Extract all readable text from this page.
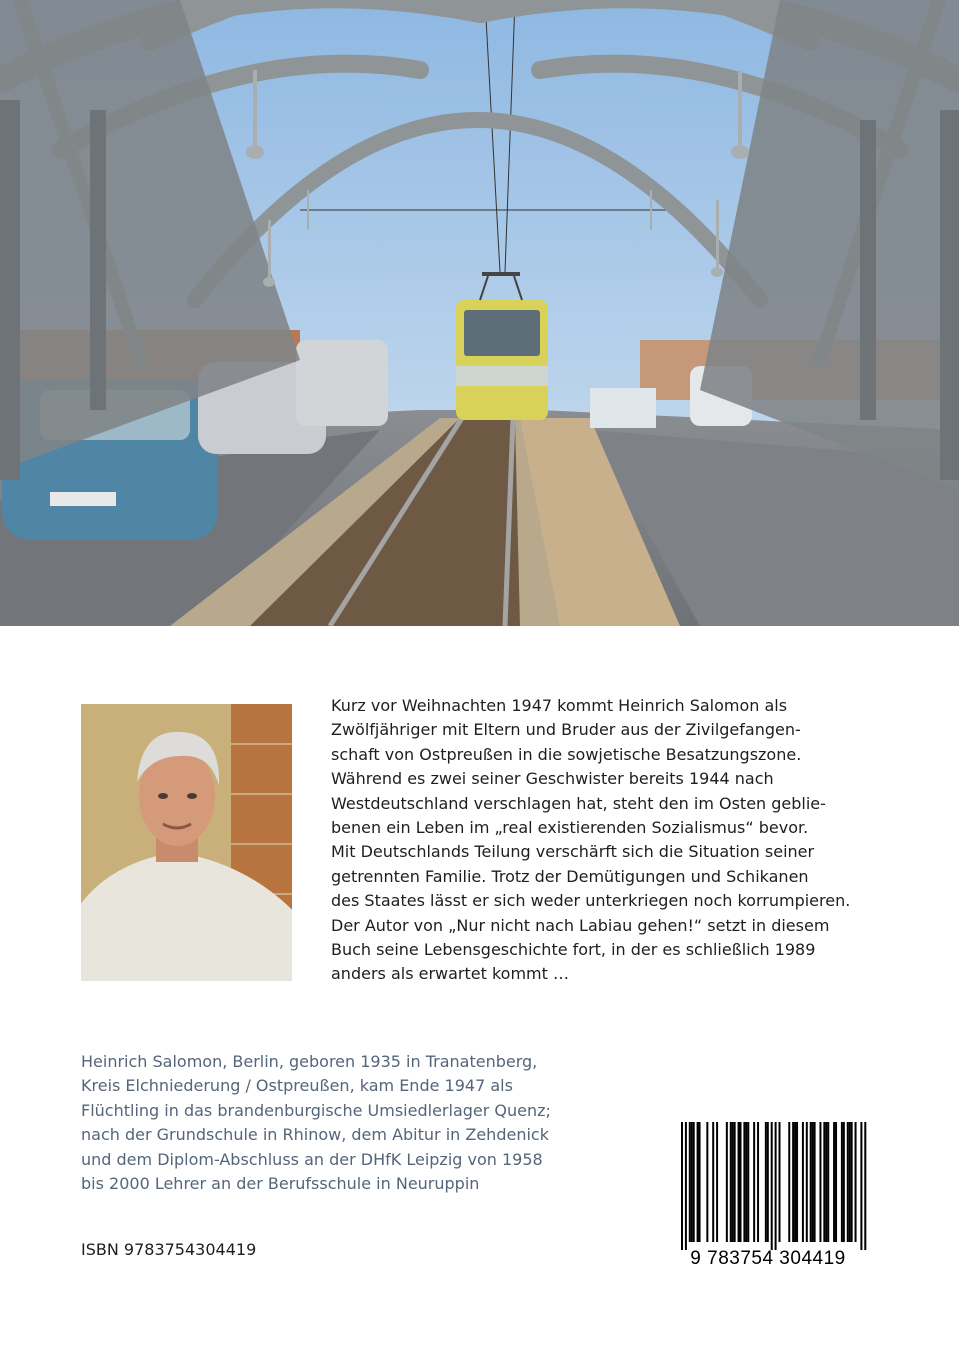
Kurz vor Weihnachten 1947 kommt Heinrich Salomon als
Zwölfjähriger mit Eltern und Bruder aus der Zivilgefangen-
schaft von Ostpreußen in die sowjetische Besatzungszone.
Während es zwei seiner Geschwister bereits 1944 nach
Westdeutschland verschlagen hat, steht den im Osten geblie-
benen ein Leben im „real existierenden Sozialismus“ bevor.
Mit Deutschlands Teilung verschärft sich die Situation seiner
getrennten Familie. Trotz der Demütigungen und Schikanen
des Staates lässt er sich weder unterkriegen noch korrumpieren.
Der Autor von „Nur nicht nach Labiau gehen!“ setzt in diesem
Buch seine Lebensgeschichte fort, in der es schließlich 1989
anders als erwartet kommt …

Heinrich Salomon, Berlin, geboren 1935 in Tranatenberg,
Kreis Elchniederung / Ostpreußen, kam Ende 1947 als
Flüchtling in das brandenburgische Umsiedlerlager Quenz;
nach der Grundschule in Rhinow, dem Abitur in Zehdenick
und dem Diplom-Abschluss an der DHfK Leipzig von 1958
bis 2000 Lehrer an der Berufsschule in Neuruppin

ISBN 9783754304419	9 783754 304419
